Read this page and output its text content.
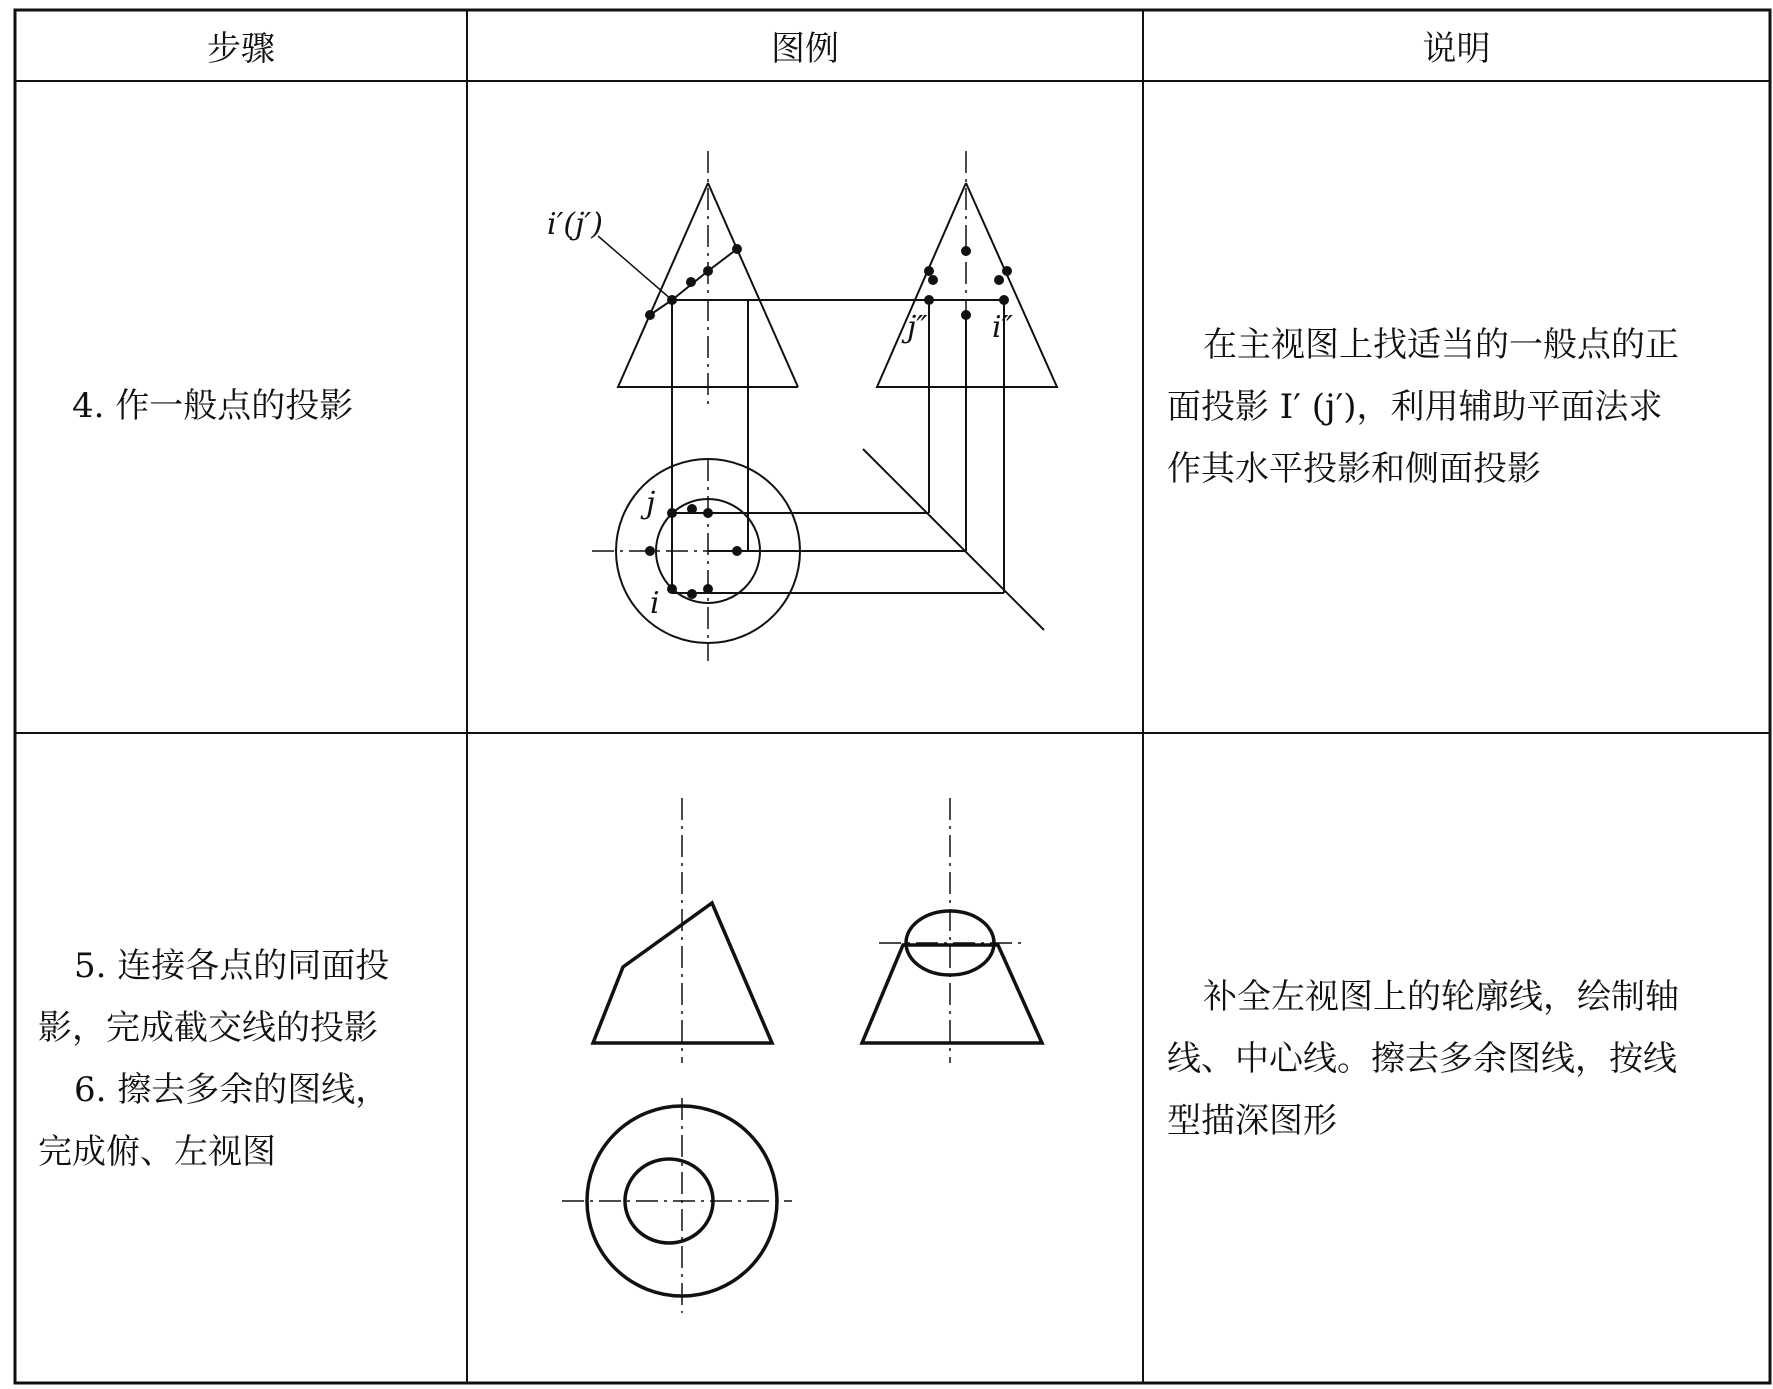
步骤	图例	说明
4. 作一般点的投影
在主视图上找适当的一般点的正
面投影 I′ (j′)，利用辅助平面法求
作其水平投影和侧面投影
i′(j′)
j″ i″
j
i
5. 连接各点的同面投
影，完成截交线的投影
6. 擦去多余的图线，
完成俯、左视图
补全左视图上的轮廓线，绘制轴
线、中心线。擦去多余图线，按线
型描深图形
